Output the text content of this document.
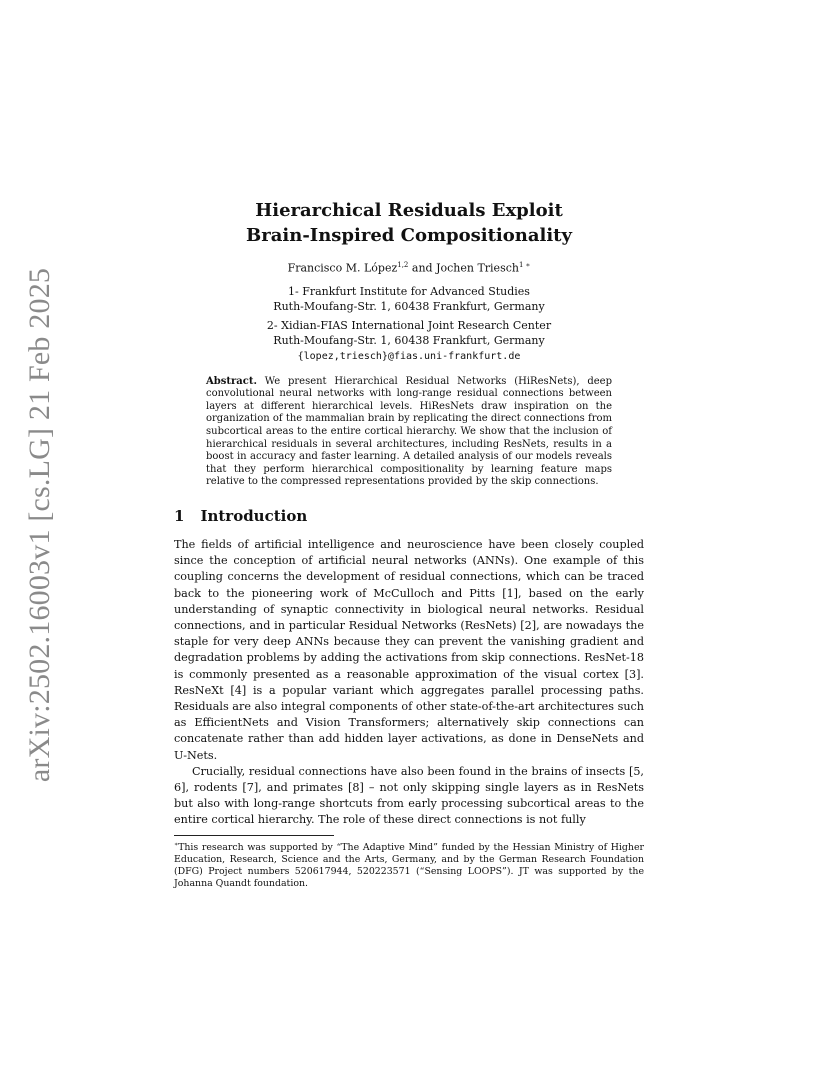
arXiv:2502.16003v1 [cs.LG] 21 Feb 2025
Hierarchical Residuals Exploit
Brain-Inspired Compositionality
Francisco M. López$^{1,2}$ and Jochen Triesch$^{1 ∗}$
1- Frankfurt Institute for Advanced Studies
Ruth-Moufang-Str. 1, 60438 Frankfurt, Germany
2- Xidian-FIAS International Joint Research Center
Ruth-Moufang-Str. 1, 60438 Frankfurt, Germany
{lopez,triesch}@fias.uni-frankfurt.de
Abstract. We present Hierarchical Residual Networks (HiResNets), deep convolutional neural networks with long-range residual connections between layers at different hierarchical levels. HiResNets draw inspiration on the organization of the mammalian brain by replicating the direct connections from subcortical areas to the entire cortical hierarchy. We show that the inclusion of hierarchical residuals in several architectures, including ResNets, results in a boost in accuracy and faster learning. A detailed analysis of our models reveals that they perform hierarchical compositionality by learning feature maps relative to the compressed representations provided by the skip connections.
1 Introduction

The fields of artificial intelligence and neuroscience have been closely coupled since the conception of artificial neural networks (ANNs). One example of this coupling concerns the development of residual connections, which can be traced back to the pioneering work of McCulloch and Pitts [1], based on the early understanding of synaptic connectivity in biological neural networks. Residual connections, and in particular Residual Networks (ResNets) [2], are nowadays the staple for very deep ANNs because they can prevent the vanishing gradient and degradation problems by adding the activations from skip connections. ResNet-18 is commonly presented as a reasonable approximation of the visual cortex [3]. ResNeXt [4] is a popular variant which aggregates parallel processing paths. Residuals are also integral components of other state-of-the-art architectures such as EfficientNets and Vision Transformers; alternatively skip connections can concatenate rather than add hidden layer activations, as done in DenseNets and U-Nets.

Crucially, residual connections have also been found in the brains of insects [5, 6], rodents [7], and primates [8] – not only skipping single layers as in ResNets but also with long-range shortcuts from early processing subcortical areas to the entire cortical hierarchy. The role of these direct connections is not fully

∗This research was supported by “The Adaptive Mind” funded by the Hessian Ministry of Higher Education, Research, Science and the Arts, Germany, and by the German Research Foundation (DFG) Project numbers 520617944, 520223571 (“Sensing LOOPS”). JT was supported by the Johanna Quandt foundation.
